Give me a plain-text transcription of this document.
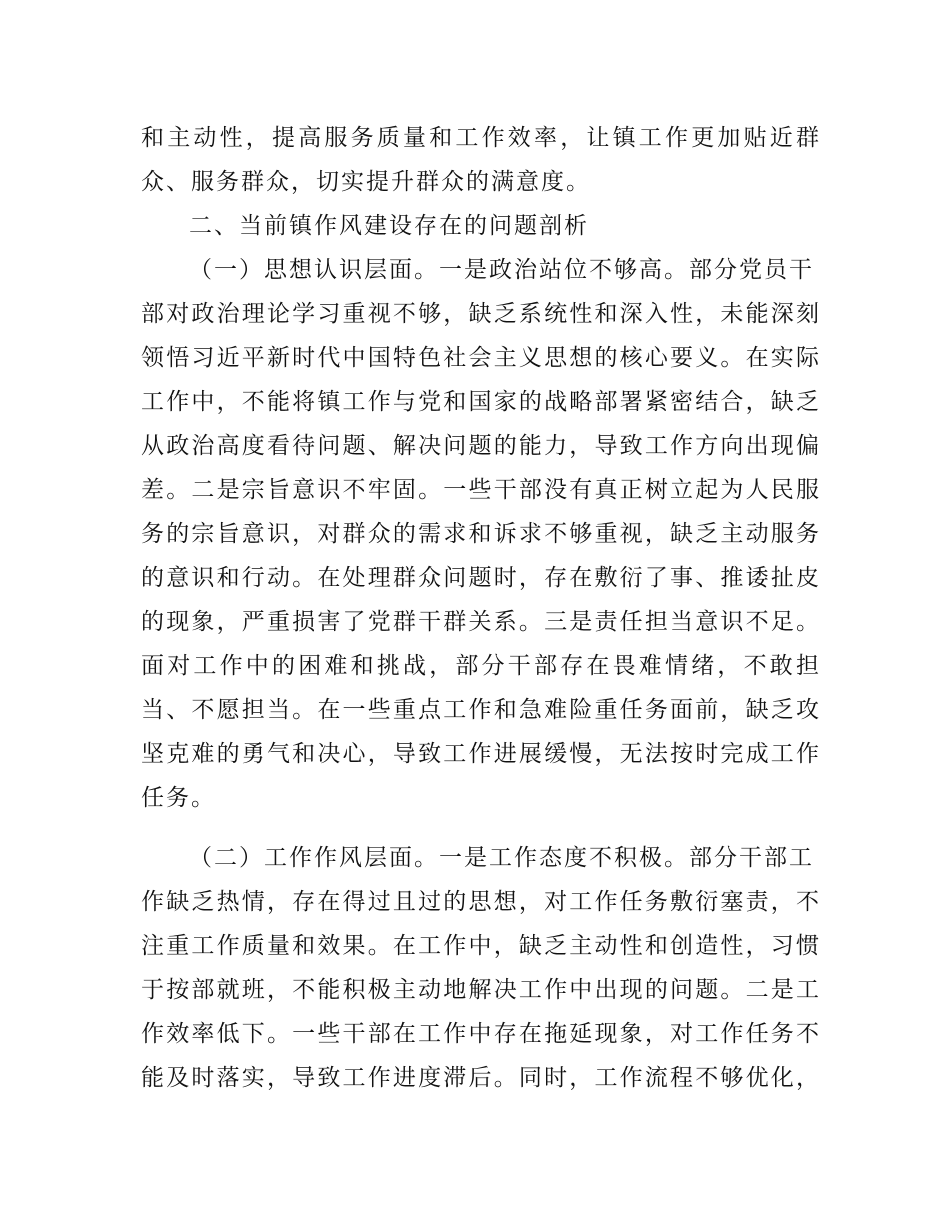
和主动性，提高服务质量和工作效率，让镇工作更加贴近群
众、服务群众，切实提升群众的满意度。
二、当前镇作风建设存在的问题剖析
（一）思想认识层面。一是政治站位不够高。部分党员干
部对政治理论学习重视不够，缺乏系统性和深入性，未能深刻
领悟习近平新时代中国特色社会主义思想的核心要义。在实际
工作中，不能将镇工作与党和国家的战略部署紧密结合，缺乏
从政治高度看待问题、解决问题的能力，导致工作方向出现偏
差。二是宗旨意识不牢固。一些干部没有真正树立起为人民服
务的宗旨意识，对群众的需求和诉求不够重视，缺乏主动服务
的意识和行动。在处理群众问题时，存在敷衍了事、推诿扯皮
的现象，严重损害了党群干群关系。三是责任担当意识不足。
面对工作中的困难和挑战，部分干部存在畏难情绪，不敢担
当、不愿担当。在一些重点工作和急难险重任务面前，缺乏攻
坚克难的勇气和决心，导致工作进展缓慢，无法按时完成工作
任务。
（二）工作作风层面。一是工作态度不积极。部分干部工
作缺乏热情，存在得过且过的思想，对工作任务敷衍塞责，不
注重工作质量和效果。在工作中，缺乏主动性和创造性，习惯
于按部就班，不能积极主动地解决工作中出现的问题。二是工
作效率低下。一些干部在工作中存在拖延现象，对工作任务不
能及时落实，导致工作进度滞后。同时，工作流程不够优化，
